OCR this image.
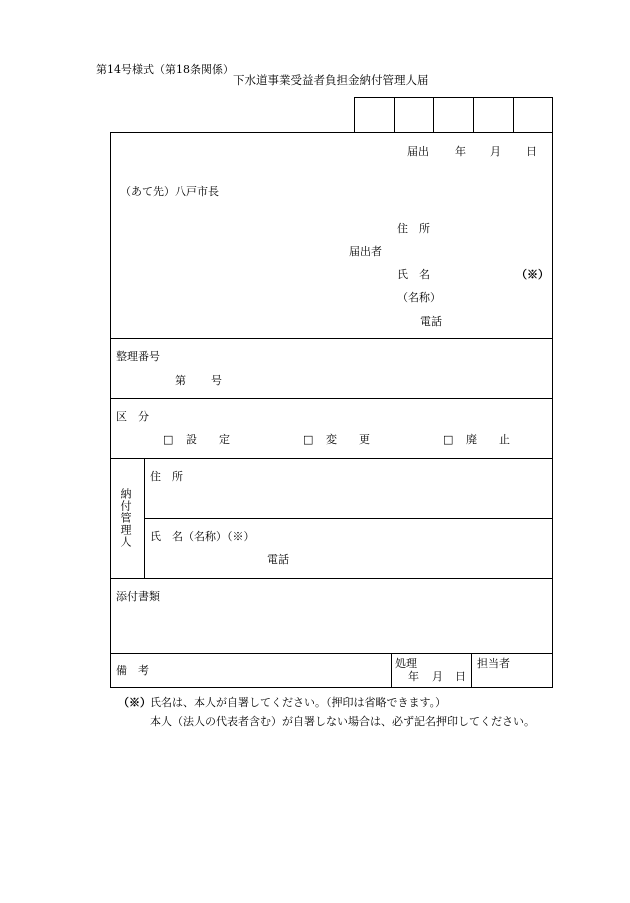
第14号様式（第18条関係）
下水道事業受益者負担金納付管理人届
届出 年 月 日
（あて先）八戸市長
住　所
届出者
氏　名	（※）
（名称）
電話
整理番号
第 号
区　分
□ 設　　定	□ 変　　更	□ 廃　　止
納付管理人
住　所
氏　名（名称）（※）
電話
添付書類
備　考
処理
年 月 日
担当者
（※） 氏名は、本人が自署してください。（押印は省略できます。）
本人（法人の代表者含む）が自署しない場合は、必ず記名押印してください。
